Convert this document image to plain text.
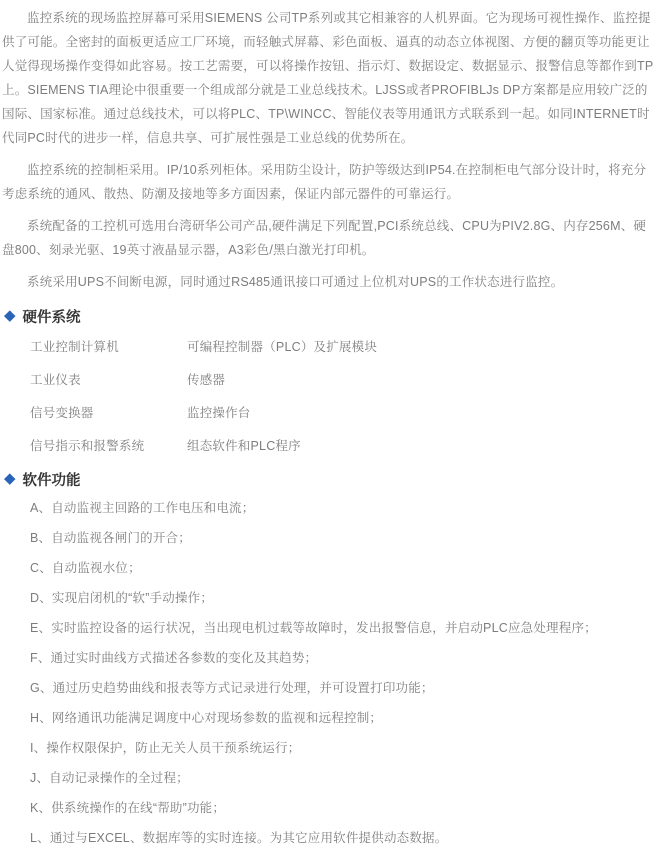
监控系统的现场监控屏幕可采用SIEMENS 公司TP系列或其它相兼容的人机界面。它为现场可视性操作、监控提供了可能。全密封的面板更适应工厂环境，而轻触式屏幕、彩色面板、逼真的动态立体视图、方便的翻页等功能更让人觉得现场操作变得如此容易。按工艺需要，可以将操作按钮、指示灯、数据设定、数据显示、报警信息等都作到TP上。SIEMENS TIA理论中很重要一个组成部分就是工业总线技术。LJSS或者PROFIBLJs DP方案都是应用较广泛的国际、国家标准。通过总线技术，可以将PLC、TP\WINCC、智能仪表等用通讯方式联系到一起。如同INTERNET时代同PC时代的进步一样，信息共享、可扩展性强是工业总线的优势所在。

监控系统的控制柜采用。IP/10系列柜体。采用防尘设计，防护等级达到IP54.在控制柜电气部分设计时，将充分考虑系统的通风、散热、防潮及接地等多方面因素，保证内部元器件的可靠运行。

系统配备的工控机可选用台湾研华公司产品,硬件满足下列配置,PCI系统总线、CPU为PIV2.8G、内存256M、硬盘800、刻录光驱、19英寸液晶显示器，A3彩色/黑白激光打印机。

系统采用UPS不间断电源，同时通过RS485通讯接口可通过上位机对UPS的工作状态进行监控。

◆ 硬件系统
工业控制计算机	可编程控制器（PLC）及扩展模块
工业仪表	传感器
信号变换器	监控操作台
信号指示和报警系统	组态软件和PLC程序
◆ 软件功能
A、自动监视主回路的工作电压和电流；
B、自动监视各闸门的开合；
C、自动监视水位；
D、实现启闭机的“软”手动操作；
E、实时监控设备的运行状况，当出现电机过载等故障时，发出报警信息，并启动PLC应急处理程序；
F、通过实时曲线方式描述各参数的变化及其趋势；
G、通过历史趋势曲线和报表等方式记录进行处理，并可设置打印功能；
H、网络通讯功能满足调度中心对现场参数的监视和远程控制；
I、操作权限保护，防止无关人员干预系统运行；
J、自动记录操作的全过程；
K、供系统操作的在线“帮助”功能；
L、通过与EXCEL、数据库等的实时连接。为其它应用软件提供动态数据。
